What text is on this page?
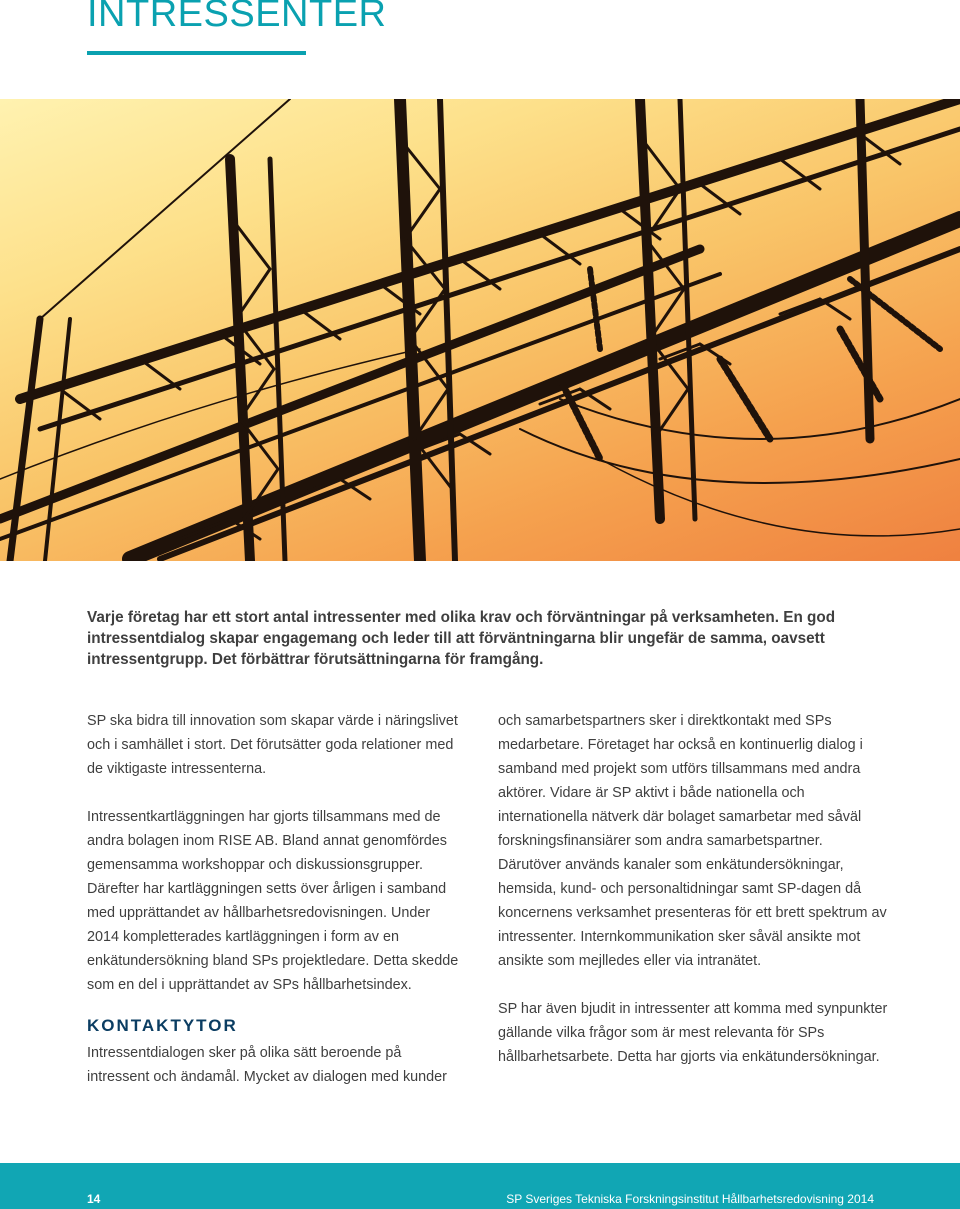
INTRESSENTER

Varje företag har ett stort antal intressenter med olika krav och förväntningar på verksamheten. En god intressentdialog skapar engagemang och leder till att förväntningarna blir ungefär de samma, oavsett intressentgrupp. Det förbättrar förutsättningarna för framgång.

SP ska bidra till innovation som skapar värde i näringslivet och i samhället i stort. Det förutsätter goda relationer med de viktigaste intressenterna.

Intressentkartläggningen har gjorts tillsammans med de andra bolagen inom RISE AB. Bland annat genomfördes gemensamma workshoppar och diskussionsgrupper. Därefter har kartläggningen setts över årligen i samband med upprättandet av hållbarhetsredovisningen. Under 2014 kompletterades kartläggningen i form av en enkätundersökning bland SPs projektledare. Detta skedde som en del i upprättandet av SPs hållbarhetsindex.

KONTAKTYTOR

Intressentdialogen sker på olika sätt beroende på intressent och ändamål. Mycket av dialogen med kunder

och samarbetspartners sker i direktkontakt med SPs medarbetare. Företaget har också en kontinuerlig dialog i samband med projekt som utförs tillsammans med andra aktörer. Vidare är SP aktivt i både nationella och internationella nätverk där bolaget samarbetar med såväl forskningsfinansiärer som andra samarbetspartner. Därutöver används kanaler som enkätundersökningar, hemsida, kund- och personaltidningar samt SP-dagen då koncernens verksamhet presenteras för ett brett spektrum av intressenter. Internkommunikation sker såväl ansikte mot ansikte som mejlledes eller via intranätet.

SP har även bjudit in intressenter att komma med synpunkter gällande vilka frågor som är mest relevanta för SPs hållbarhetsarbete. Detta har gjorts via enkätundersökningar.

14	SP Sveriges Tekniska Forskningsinstitut Hållbarhetsredovisning 2014
